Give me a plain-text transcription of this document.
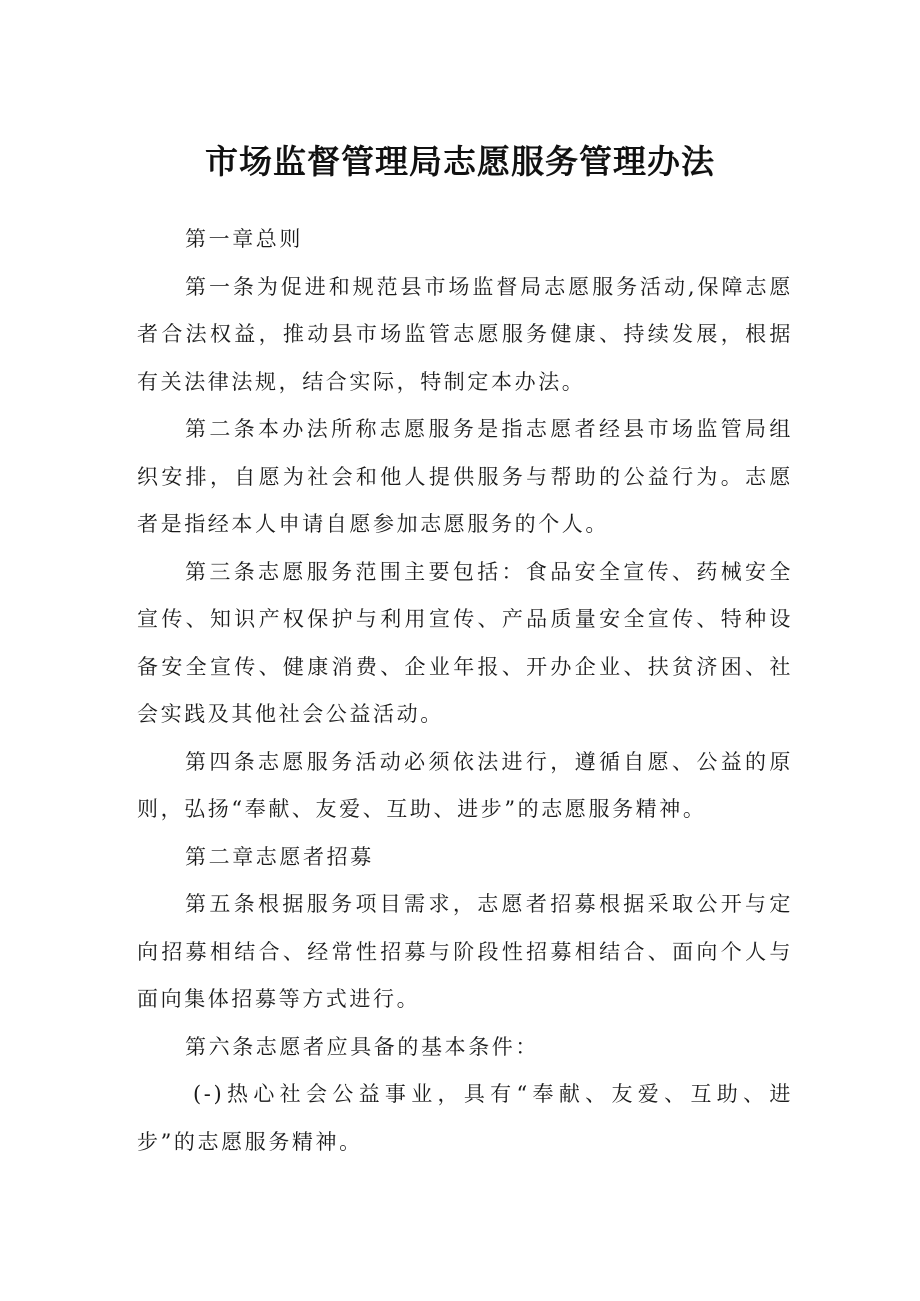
市场监督管理局志愿服务管理办法

第一章总则

第一条为促进和规范县市场监督局志愿服务活动,保障志愿者合法权益，推动县市场监管志愿服务健康、持续发展，根据有关法律法规，结合实际，特制定本办法。

第二条本办法所称志愿服务是指志愿者经县市场监管局组织安排，自愿为社会和他人提供服务与帮助的公益行为。志愿者是指经本人申请自愿参加志愿服务的个人。

第三条志愿服务范围主要包括：食品安全宣传、药械安全宣传、知识产权保护与利用宣传、产品质量安全宣传、特种设备安全宣传、健康消费、企业年报、开办企业、扶贫济困、社会实践及其他社会公益活动。

第四条志愿服务活动必须依法进行，遵循自愿、公益的原则，弘扬“奉献、友爱、互助、进步”的志愿服务精神。

第二章志愿者招募

第五条根据服务项目需求，志愿者招募根据采取公开与定向招募相结合、经常性招募与阶段性招募相结合、面向个人与面向集体招募等方式进行。

第六条志愿者应具备的基本条件：

(-)热心社会公益事业，具有“奉献、友爱、互助、进步”的志愿服务精神。
